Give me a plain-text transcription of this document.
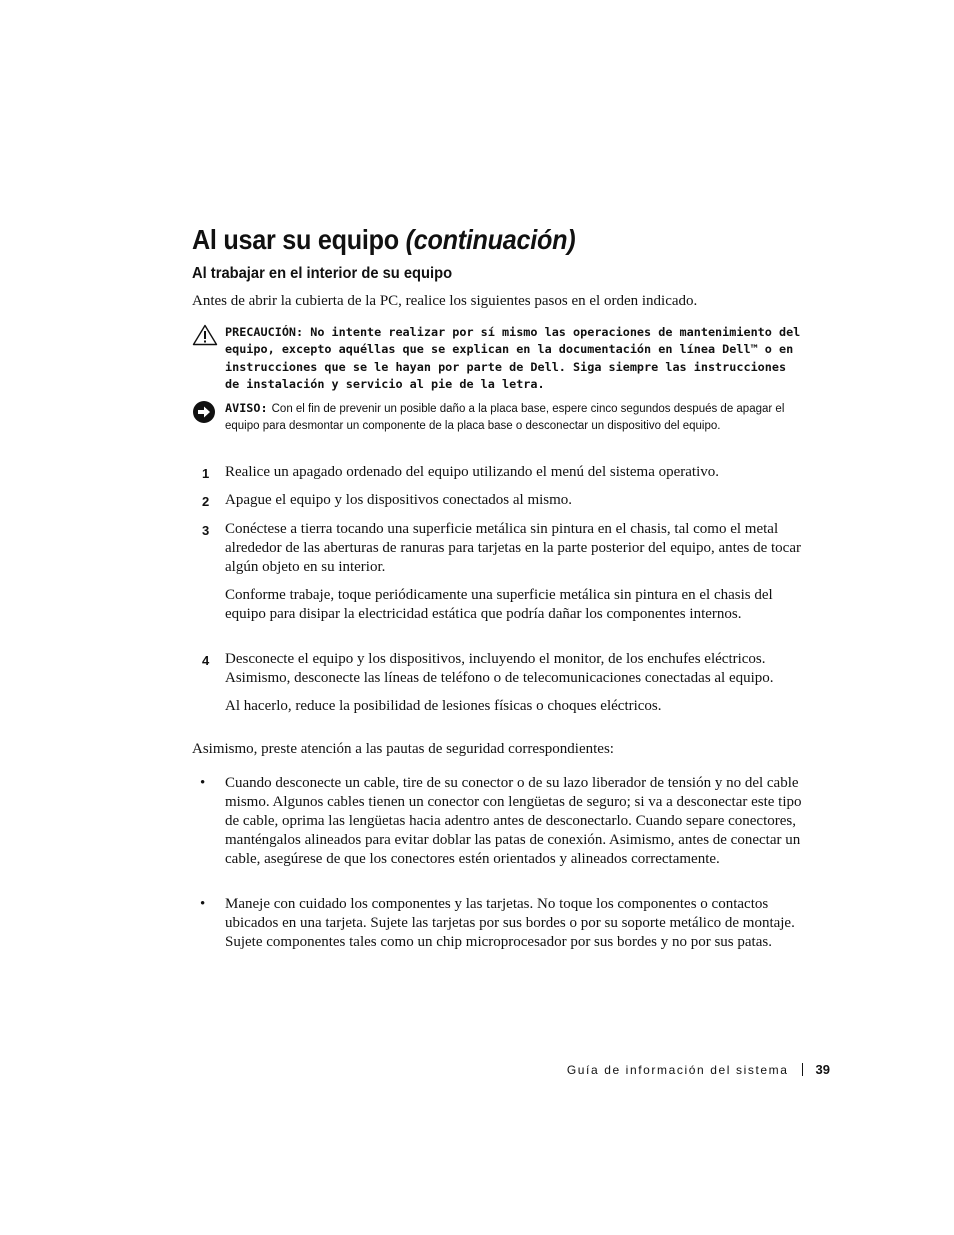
Al usar su equipo (continuación)
Al trabajar en el interior de su equipo

Antes de abrir la cubierta de la PC, realice los siguientes pasos en el orden indicado.

PRECAUCIÓN: No intente realizar por sí mismo las operaciones de mantenimiento del equipo, excepto aquéllas que se explican en la documentación en línea Dell™ o en instrucciones que se le hayan por parte de Dell. Siga siempre las instrucciones de instalación y servicio al pie de la letra.
AVISO: Con el fin de prevenir un posible daño a la placa base, espere cinco segundos después de apagar el equipo para desmontar un componente de la placa base o desconectar un dispositivo del equipo.
1 Realice un apagado ordenado del equipo utilizando el menú del sistema operativo.

2 Apague el equipo y los dispositivos conectados al mismo.

3 Conéctese a tierra tocando una superficie metálica sin pintura en el chasis, tal como el metal alrededor de las aberturas de ranuras para tarjetas en la parte posterior del equipo, antes de tocar algún objeto en su interior.

Conforme trabaje, toque periódicamente una superficie metálica sin pintura en el chasis del equipo para disipar la electricidad estática que podría dañar los componentes internos.

4 Desconecte el equipo y los dispositivos, incluyendo el monitor, de los enchufes eléctricos. Asimismo, desconecte las líneas de teléfono o de telecomunicaciones conectadas al equipo.

Al hacerlo, reduce la posibilidad de lesiones físicas o choques eléctricos.

Asimismo, preste atención a las pautas de seguridad correspondientes:

• Cuando desconecte un cable, tire de su conector o de su lazo liberador de tensión y no del cable mismo. Algunos cables tienen un conector con lengüetas de seguro; si va a desconectar este tipo de cable, oprima las lengüetas hacia adentro antes de desconectarlo. Cuando separe conectores, manténgalos alineados para evitar doblar las patas de conexión. Asimismo, antes de conectar un cable, asegúrese de que los conectores estén orientados y alineados correctamente.
• Maneje con cuidado los componentes y las tarjetas. No toque los componentes o contactos ubicados en una tarjeta. Sujete las tarjetas por sus bordes o por su soporte metálico de montaje. Sujete componentes tales como un chip microprocesador por sus bordes y no por sus patas.
Guía de información del sistema 39
